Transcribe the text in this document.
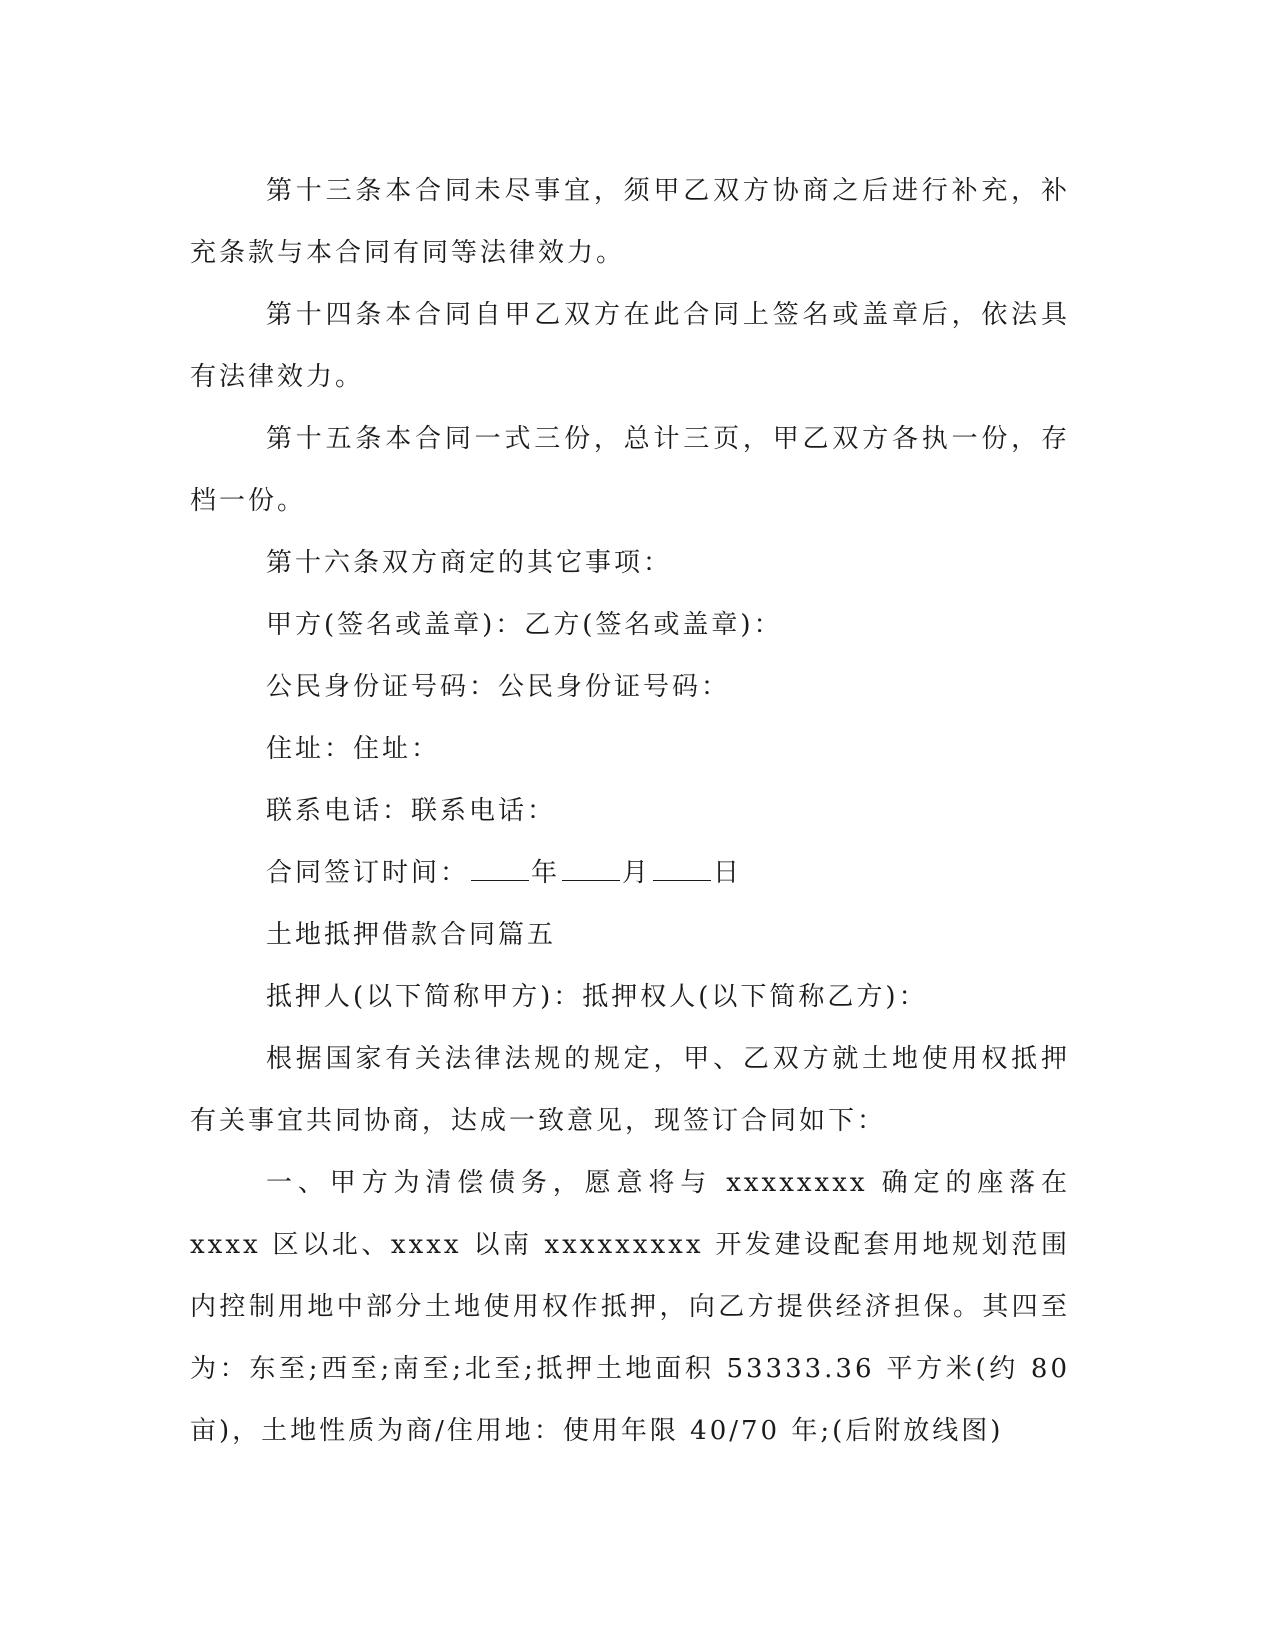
第十三条本合同未尽事宜，须甲乙双方协商之后进行补充，补充条款与本合同有同等法律效力。

第十四条本合同自甲乙双方在此合同上签名或盖章后，依法具有法律效力。

第十五条本合同一式三份，总计三页，甲乙双方各执一份，存档一份。

第十六条双方商定的其它事项：

甲方(签名或盖章)：乙方(签名或盖章)：

公民身份证号码：公民身份证号码：

住址：住址：

联系电话：联系电话：

合同签订时间： 年 月 日

土地抵押借款合同篇五

抵押人(以下简称甲方)：抵押权人(以下简称乙方)：

根据国家有关法律法规的规定，甲、乙双方就土地使用权抵押有关事宜共同协商，达成一致意见，现签订合同如下：

一、甲方为清偿债务，愿意将与 xxxxxxxx 确定的座落在 xxxx 区以北、xxxx 以南 xxxxxxxxx 开发建设配套用地规划范围内控制用地中部分土地使用权作抵押，向乙方提供经济担保。其四至为：东至;西至;南至;北至;抵押土地面积 53333.36 平方米(约 80 亩)，土地性质为商/住用地：使用年限 40/70 年;(后附放线图)
